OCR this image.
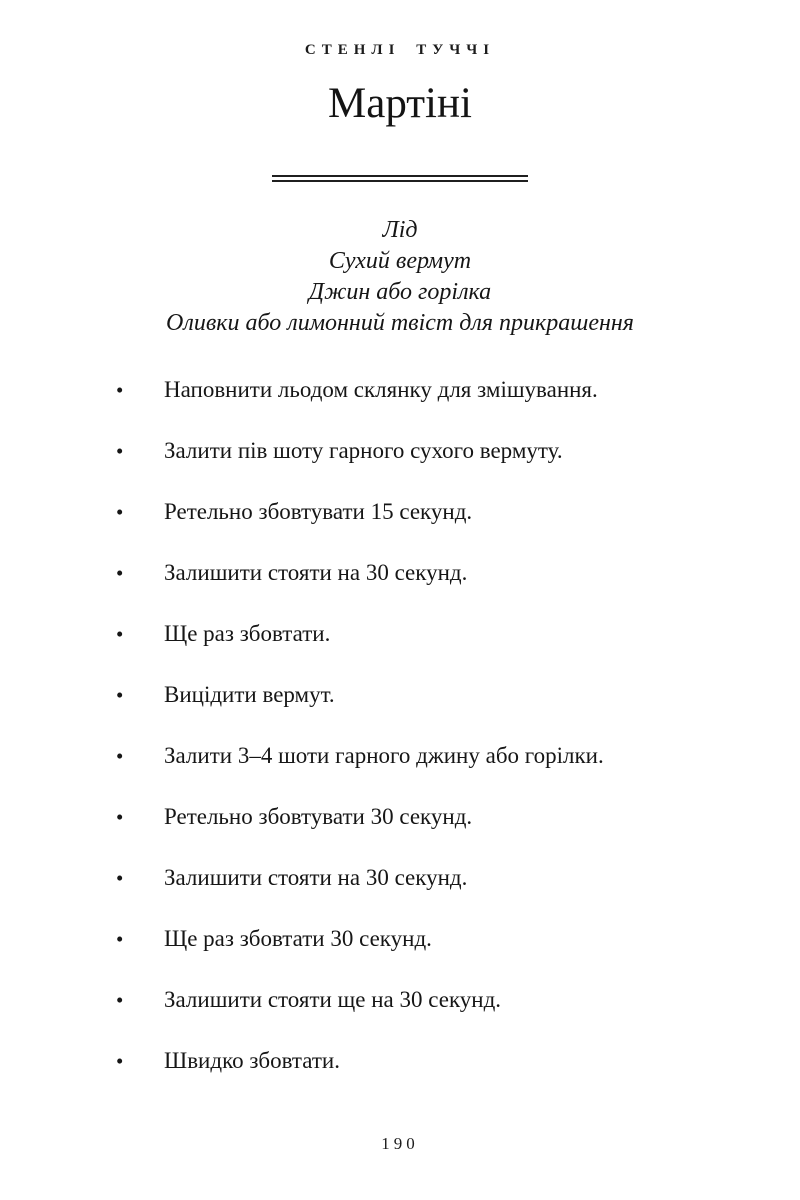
СТЕНЛІ ТУЧЧІ
Мартіні
Лід
Сухий вермут
Джин або горілка
Оливки або лимонний твіст для прикрашення
•	Наповнити льодом склянку для змішування.
•	Залити пів шоту гарного сухого вермуту.
•	Ретельно збовтувати 15 секунд.
•	Залишити стояти на 30 секунд.
•	Ще раз збовтати.
•	Вицідити вермут.
•	Залити 3–4 шоти гарного джину або горілки.
•	Ретельно збовтувати 30 секунд.
•	Залишити стояти на 30 секунд.
•	Ще раз збовтати 30 секунд.
•	Залишити стояти ще на 30 секунд.
•	Швидко збовтати.
190
